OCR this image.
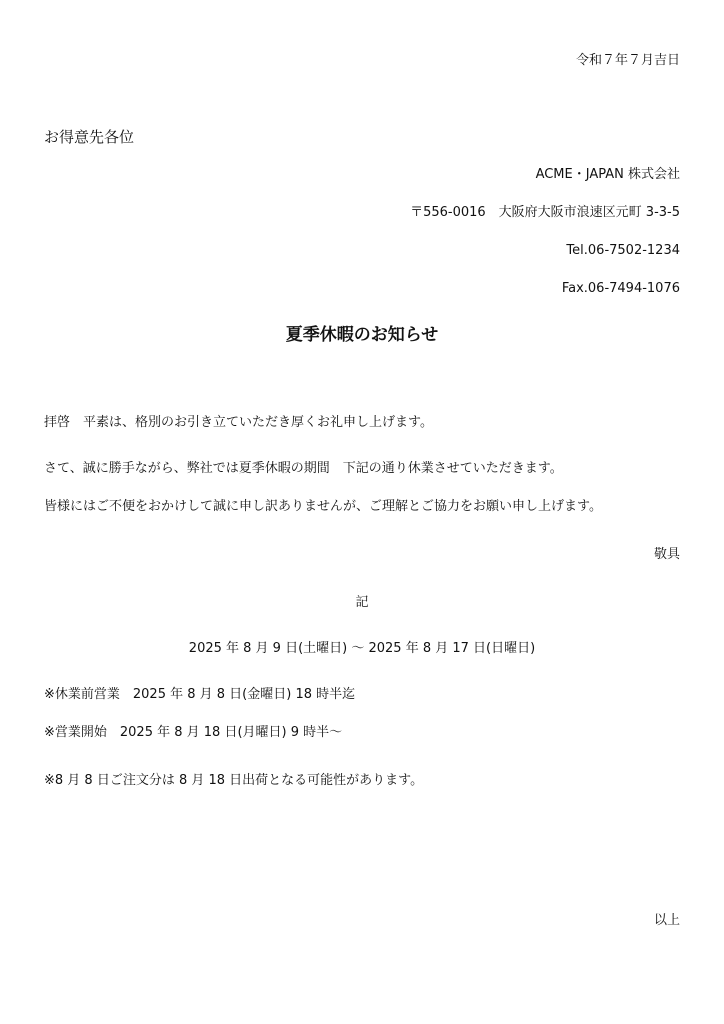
令和７年７月吉日
お得意先各位
ACME・JAPAN 株式会社
〒556-0016　大阪府大阪市浪速区元町 3-3-5
Tel.06-7502-1234
Fax.06-7494-1076
夏季休暇のお知らせ
拝啓　平素は、格別のお引き立ていただき厚くお礼申し上げます。
さて、誠に勝手ながら、弊社では夏季休暇の期間　下記の通り休業させていただきます。
皆様にはご不便をおかけして誠に申し訳ありませんが、ご理解とご協力をお願い申し上げます。
敬具
記
2025 年 8 月 9 日(土曜日) 〜 2025 年 8 月 17 日(日曜日)
※休業前営業　2025 年 8 月 8 日(金曜日) 18 時半迄
※営業開始　2025 年 8 月 18 日(月曜日) 9 時半〜
※8 月 8 日ご注文分は 8 月 18 日出荷となる可能性があります。
以上
